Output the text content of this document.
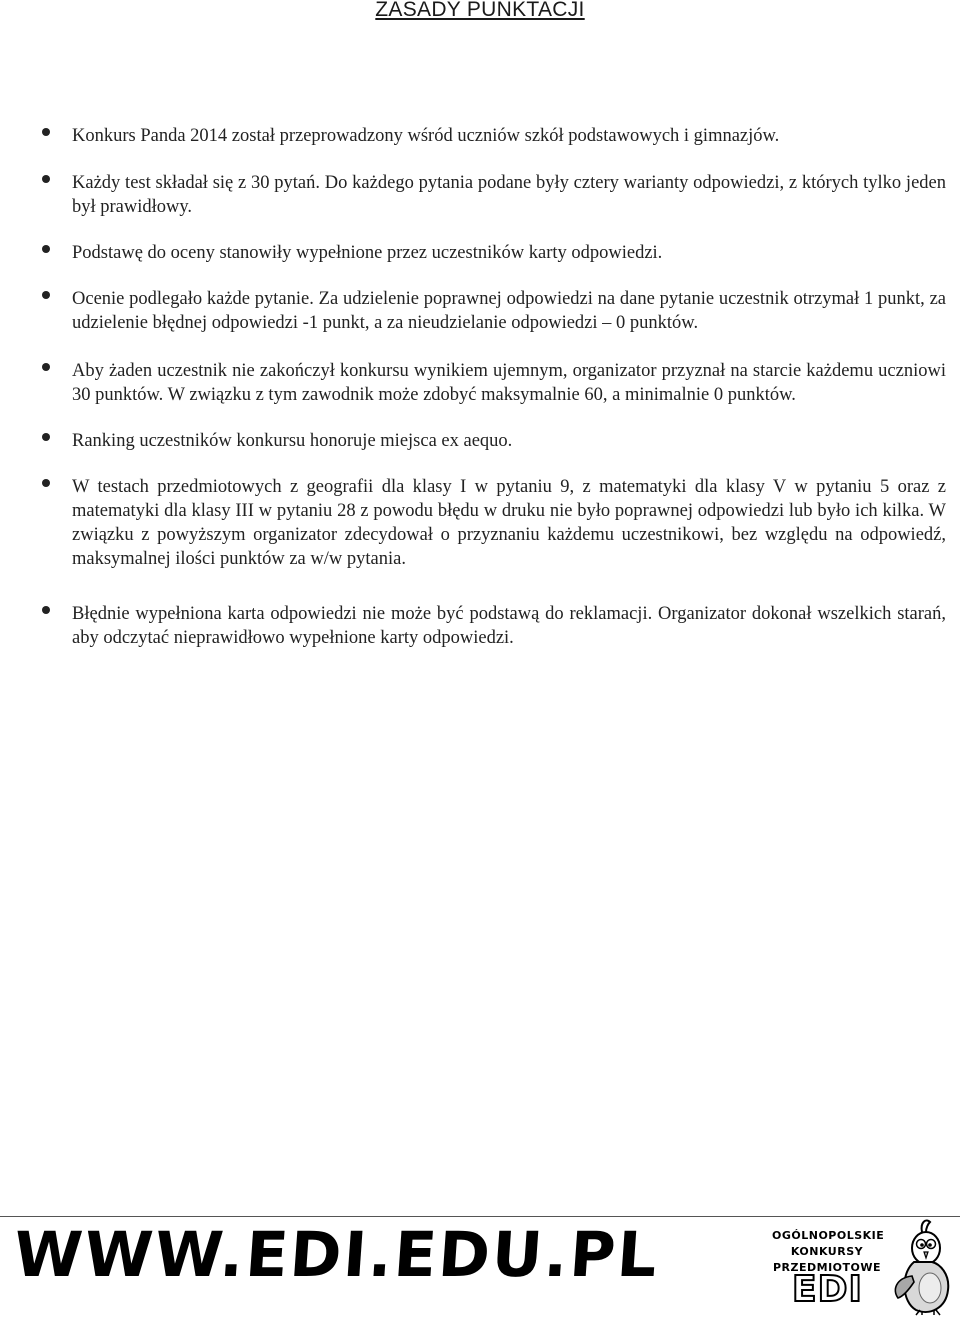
ZASADY PUNKTACJI
Konkurs Panda 2014 został przeprowadzony wśród uczniów szkół podstawowych i gimnazjów.
Każdy test składał się z 30 pytań. Do każdego pytania podane były cztery warianty odpowiedzi, z których tylko jeden był prawidłowy.
Podstawę do oceny stanowiły wypełnione przez uczestników karty odpowiedzi.
Ocenie podlegało każde pytanie. Za udzielenie poprawnej odpowiedzi na dane pytanie uczestnik otrzymał 1 punkt, za udzielenie błędnej odpowiedzi -1 punkt, a za nieudzielanie odpowiedzi – 0 punktów.
Aby żaden uczestnik nie zakończył konkursu wynikiem ujemnym, organizator przyznał na starcie każdemu uczniowi 30 punktów. W związku z tym zawodnik może zdobyć maksymalnie 60, a minimalnie 0 punktów.
Ranking uczestników konkursu honoruje miejsca ex aequo.
W testach przedmiotowych z geografii dla klasy I w pytaniu 9, z matematyki dla klasy V w pytaniu 5 oraz z matematyki dla klasy III w pytaniu 28 z powodu błędu w druku nie było poprawnej odpowiedzi lub było ich kilka. W związku z powyższym organizator zdecydował o przyznaniu każdemu uczestnikowi, bez względu na odpowiedź, maksymalnej ilości punktów za w/w pytania.
Błędnie wypełniona karta odpowiedzi nie może być podstawą do reklamacji. Organizator dokonał wszelkich starań, aby odczytać nieprawidłowo wypełnione karty odpowiedzi.
WWW.EDI.EDU.PL	OGÓLNOPOLSKIE
KONKURSY
PRZEDMIOTOWE
EDI
